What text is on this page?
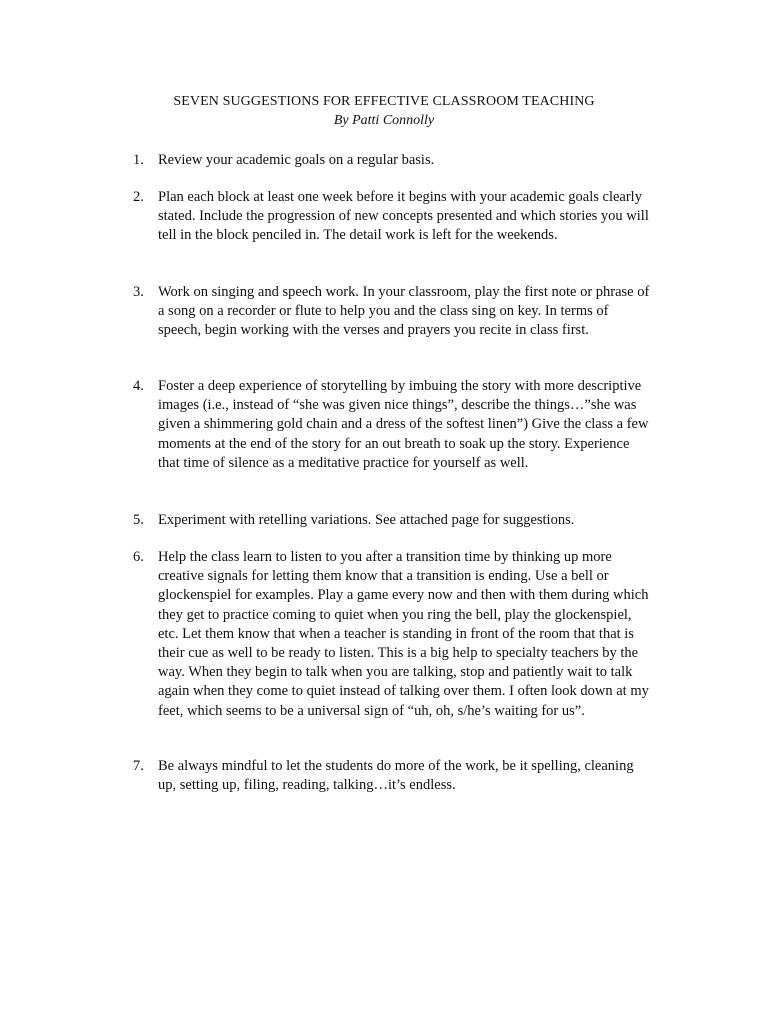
SEVEN SUGGESTIONS FOR EFFECTIVE CLASSROOM TEACHING
By Patti Connolly
1. Review your academic goals on a regular basis.
2. Plan each block at least one week before it begins with your academic goals clearly stated. Include the progression of new concepts presented and which stories you will tell in the block penciled in. The detail work is left for the weekends.
3. Work on singing and speech work. In your classroom, play the first note or phrase of a song on a recorder or flute to help you and the class sing on key. In terms of speech, begin working with the verses and prayers you recite in class first.
4. Foster a deep experience of storytelling by imbuing the story with more descriptive images (i.e., instead of “she was given nice things”, describe the things…”she was given a shimmering gold chain and a dress of the softest linen”) Give the class a few moments at the end of the story for an out breath to soak up the story. Experience that time of silence as a meditative practice for yourself as well.
5. Experiment with retelling variations. See attached page for suggestions.
6. Help the class learn to listen to you after a transition time by thinking up more creative signals for letting them know that a transition is ending. Use a bell or glockenspiel for examples. Play a game every now and then with them during which they get to practice coming to quiet when you ring the bell, play the glockenspiel, etc. Let them know that when a teacher is standing in front of the room that that is their cue as well to be ready to listen. This is a big help to specialty teachers by the way. When they begin to talk when you are talking, stop and patiently wait to talk again when they come to quiet instead of talking over them. I often look down at my feet, which seems to be a universal sign of “uh, oh, s/he’s waiting for us”.
7. Be always mindful to let the students do more of the work, be it spelling, cleaning up, setting up, filing, reading, talking…it’s endless.
